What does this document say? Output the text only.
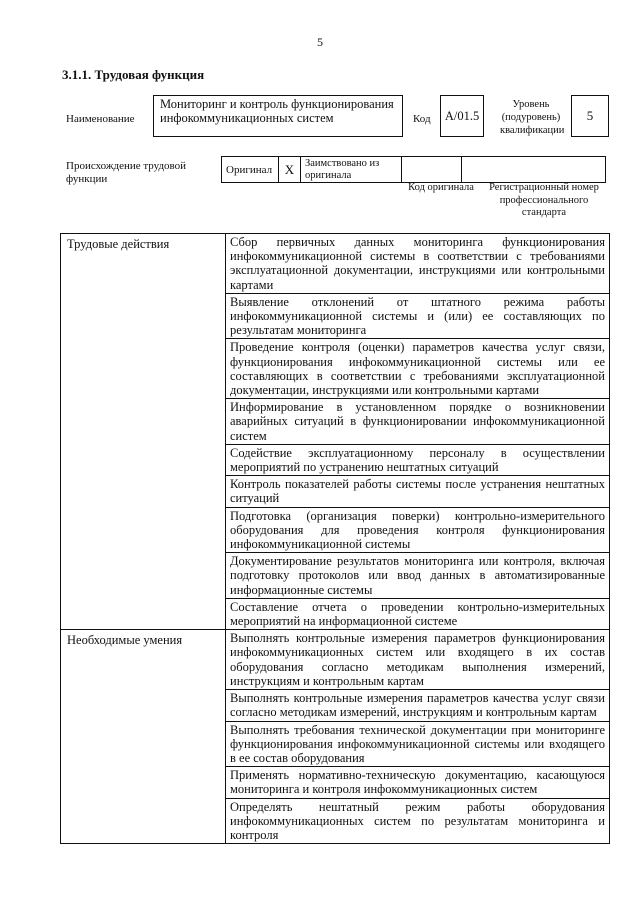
5
3.1.1. Трудовая функция
Наименование
Мониторинг и контроль функционирования инфокоммуникационных систем	Код	А/01.5
Уровень (подуровень) квалификации
5
Происхождение трудовой функции
Оригинал	Х	Заимствовано из оригинала		
Код оригинала	Регистрационный номер профессионального стандарта
Трудовые действия	Сбор первичных данных мониторинга функционирования инфокоммуникационной системы в соответствии с требованиями эксплуатационной документации, инструкциями или контрольными картами
	Выявление отклонений от штатного режима работы инфокоммуникационной системы и (или) ее составляющих по результатам мониторинга
	Проведение контроля (оценки) параметров качества услуг связи, функционирования инфокоммуникационной системы или ее составляющих в соответствии с требованиями эксплуатационной документации, инструкциями или контрольными картами
	Информирование в установленном порядке о возникновении аварийных ситуаций в функционировании инфокоммуникационной систем
	Содействие эксплуатационному персоналу в осуществлении мероприятий по устранению нештатных ситуаций
	Контроль показателей работы системы после устранения нештатных ситуаций
	Подготовка (организация поверки) контрольно-измерительного оборудования для проведения контроля функционирования инфокоммуникационной системы
	Документирование результатов мониторинга или контроля, включая подготовку протоколов или ввод данных в автоматизированные информационные системы
	Составление отчета о проведении контрольно-измерительных мероприятий на информационной системе
Необходимые умения	Выполнять контрольные измерения параметров функционирования инфокоммуникационных систем или входящего в их состав оборудования согласно методикам выполнения измерений, инструкциям и контрольным картам
	Выполнять контрольные измерения параметров качества услуг связи согласно методикам измерений, инструкциям и контрольным картам
	Выполнять требования технической документации при мониторинге функционирования инфокоммуникационной системы или входящего в ее состав оборудования
	Применять нормативно-техническую документацию, касающуюся мониторинга и контроля инфокоммуникационных систем
	Определять нештатный режим работы оборудования инфокоммуникационных систем по результатам мониторинга и контроля
